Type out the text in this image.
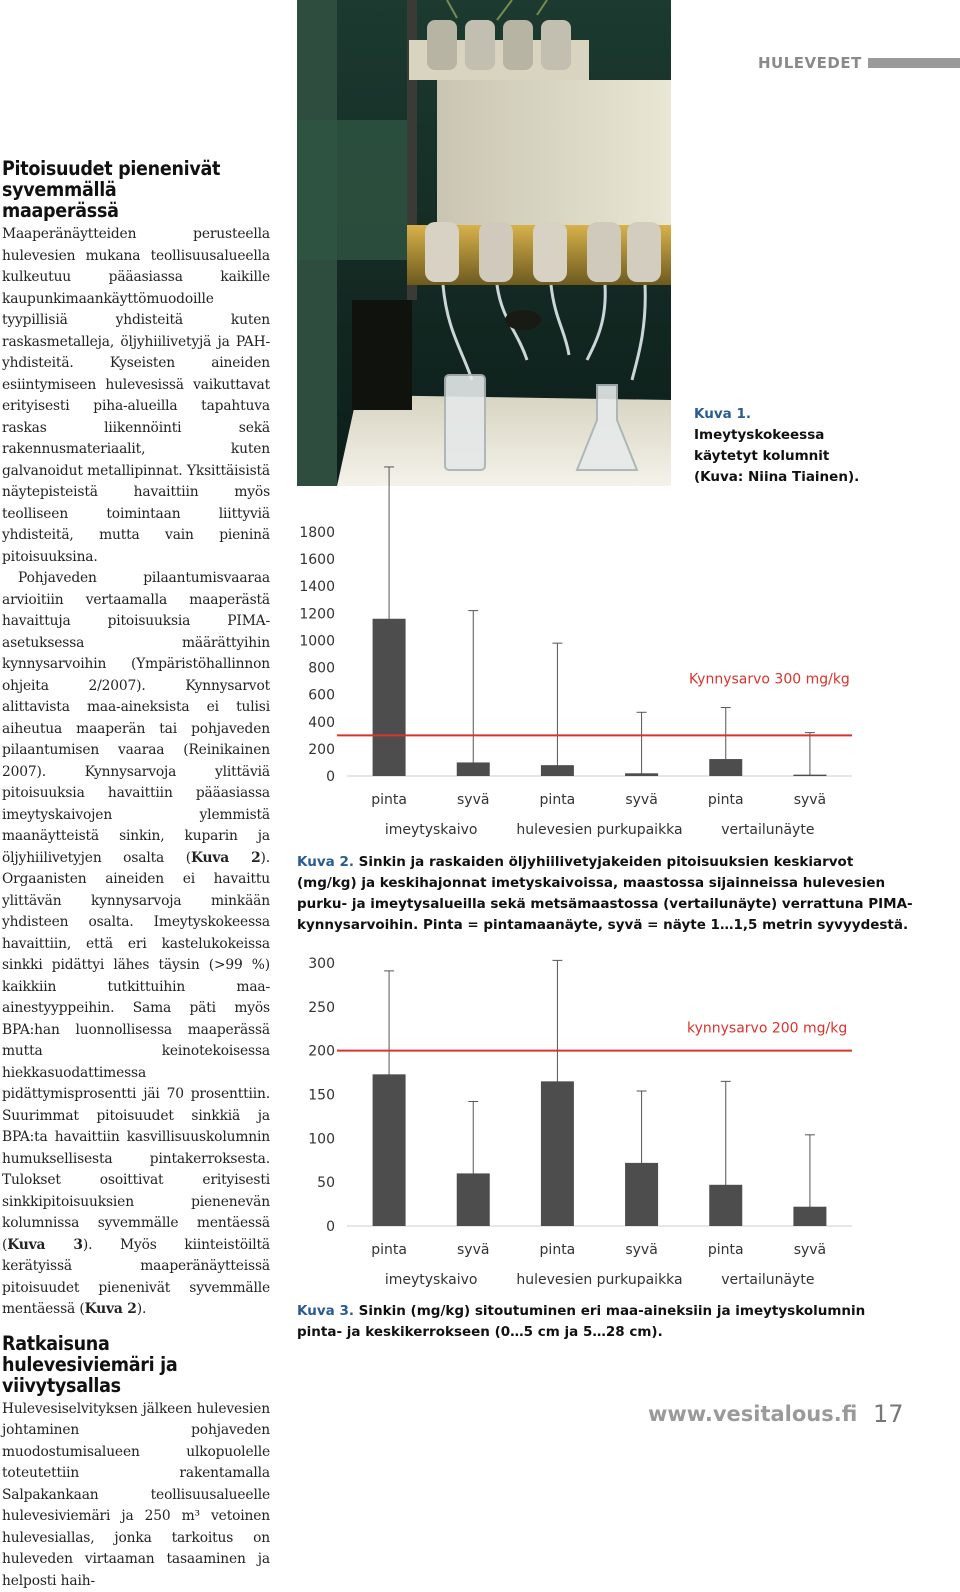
HULEVEDET
Pitoisuudet pienenivät syvemmällä maaperässä

Maaperänäytteiden perusteella hulevesien mukana teollisuusalueella kulkeutuu pääasiassa kaikille kaupunkimaankäyttömuodoille tyypillisiä yhdisteitä kuten raskasmetalleja, öljyhiilivetyjä ja PAH-yhdisteitä. Kyseisten aineiden esiintymiseen hulevesissä vaikuttavat erityisesti piha-alueilla tapahtuva raskas liikennöinti sekä rakennusmateriaalit, kuten galvanoidut metallipinnat. Yksittäisistä näytepisteistä havaittiin myös teolliseen toimintaan liittyviä yhdisteitä, mutta vain pieninä pitoisuuksina.

Pohjaveden pilaantumisvaaraa arvioitiin vertaamalla maaperästä havaittuja pitoisuuksia PIMA-asetuksessa määrättyihin kynnysarvoihin (Ympäristöhallinnon ohjeita 2/2007). Kynnysarvot alittavista maa-aineksista ei tulisi aiheutua maaperän tai pohjaveden pilaantumisen vaaraa (Reinikainen 2007). Kynnysarvoja ylittäviä pitoisuuksia havaittiin pääasiassa imeytyskaivojen ylemmistä maanäytteistä sinkin, kuparin ja öljyhiilivetyjen osalta (Kuva 2). Orgaanisten aineiden ei havaittu ylittävän kynnysarvoja minkään yhdisteen osalta. Imeytyskokeessa havaittiin, että eri kastelukokeissa sinkki pidättyi lähes täysin (>99 %) kaikkiin tutkittuihin maa-ainestyyppeihin. Sama päti myös BPA:han luonnollisessa maaperässä mutta keinotekoisessa hiekkasuodattimessa pidättymisprosentti jäi 70 prosenttiin. Suurimmat pitoisuudet sinkkiä ja BPA:ta havaittiin kasvillisuuskolumnin humuksellisesta pintakerroksesta. Tulokset osoittivat erityisesti sinkkipitoisuuksien pienenevän kolumnissa syvemmälle mentäessä (Kuva 3). Myös kiinteistöiltä kerätyissä maaperänäytteissä pitoisuudet pienenivät syvemmälle mentäessä (Kuva 2).

Ratkaisuna hulevesiviemäri ja viivytysallas

Hulevesiselvityksen jälkeen hulevesien johtaminen pohjaveden muodostumisalueen ulkopuolelle toteutettiin rakentamalla Salpakankaan teollisuusalueelle hulevesiviemäri ja 250 m³ vetoinen hulevesiallas, jonka tarkoitus on huleveden virtaaman tasaaminen ja helposti haih-

Kuva 1.
Imeytyskokeessa
käytetyt kolumnit
(Kuva: Niina Tiainen).
0
200
400
600
800
1000
1200
1400
1600
1800
pinta	syvä	pinta	syvä	pinta	syvä
imeytyskaivo	hulevesien purkupaikka	vertailunäyte
Kynnysarvo 300 mg/kg
Kuva 2. Sinkin ja raskaiden öljyhiilivetyjakeiden pitoisuuksien keskiarvot
(mg/kg) ja keskihajonnat imetyskaivoissa, maastossa sijainneissa hulevesien
purku- ja imeytysalueilla sekä metsämaastossa (vertailunäyte) verrattuna PIMA-
kynnysarvoihin. Pinta = pintamaanäyte, syvä = näyte 1…1,5 metrin syvyydestä.
0
50
100
150
200
250
300
pinta	syvä	pinta	syvä	pinta	syvä
imeytyskaivo	hulevesien purkupaikka	vertailunäyte
kynnysarvo 200 mg/kg
Kuva 3. Sinkin (mg/kg) sitoutuminen eri maa-aineksiin ja imeytyskolumnin
pinta- ja keskikerrokseen (0…5 cm ja 5…28 cm).
www.vesitalous.fi 17
